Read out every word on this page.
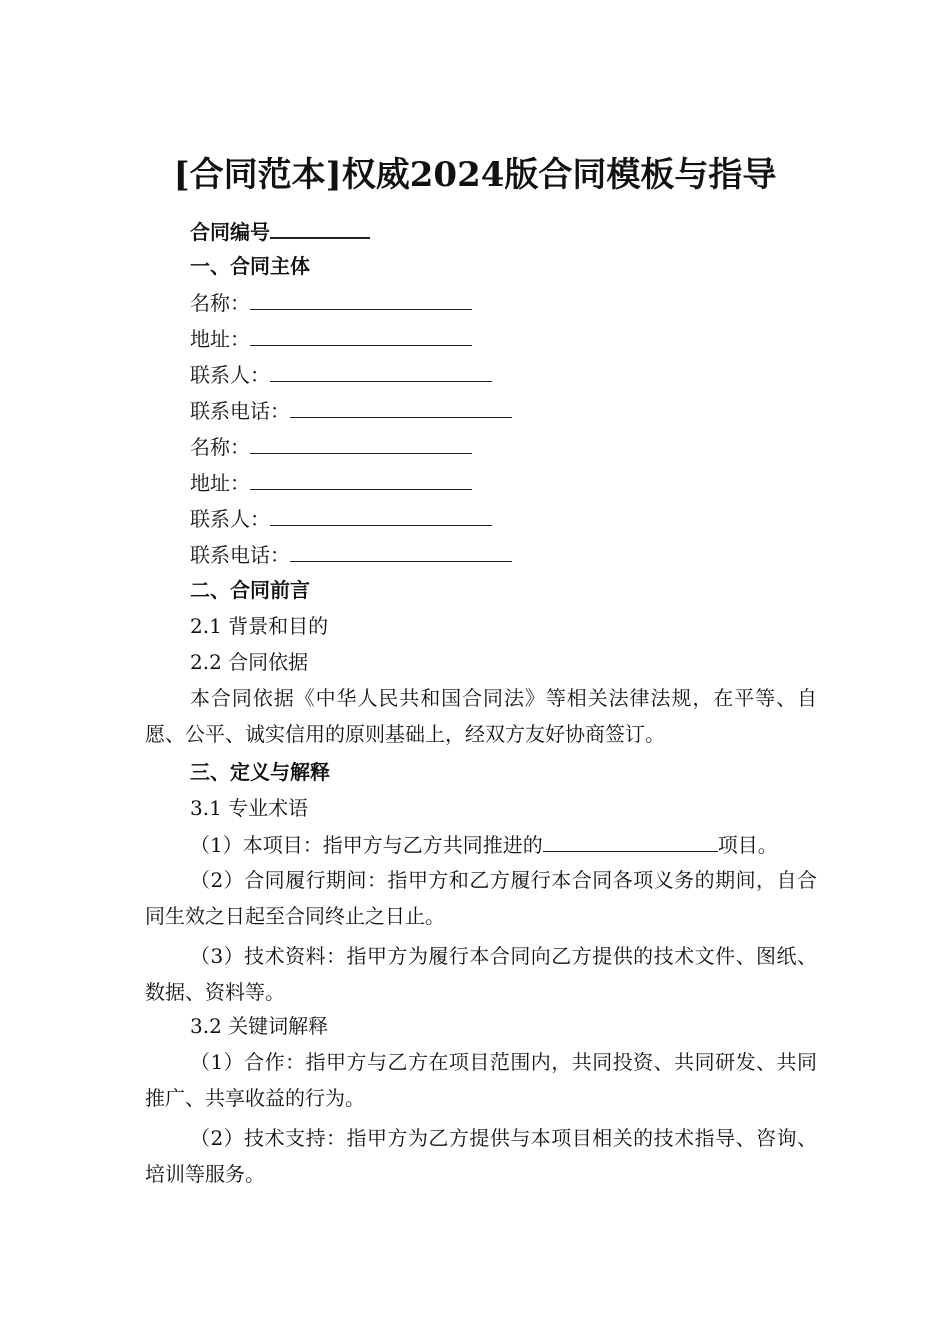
[合同范本]权威2024版合同模板与指导
合同编号
一、合同主体
名称：
地址：
联系人：
联系电话：
名称：
地址：
联系人：
联系电话：
二、合同前言
2.1 背景和目的
2.2 合同依据
本合同依据《中华人民共和国合同法》等相关法律法规，在平等、自愿、公平、诚实信用的原则基础上，经双方友好协商签订。
三、定义与解释
3.1 专业术语
（1）本项目：指甲方与乙方共同推进的	项目。
（2）合同履行期间：指甲方和乙方履行本合同各项义务的期间，自合同生效之日起至合同终止之日止。
（3）技术资料：指甲方为履行本合同向乙方提供的技术文件、图纸、数据、资料等。
3.2 关键词解释
（1）合作：指甲方与乙方在项目范围内，共同投资、共同研发、共同推广、共享收益的行为。
（2）技术支持：指甲方为乙方提供与本项目相关的技术指导、咨询、培训等服务。
